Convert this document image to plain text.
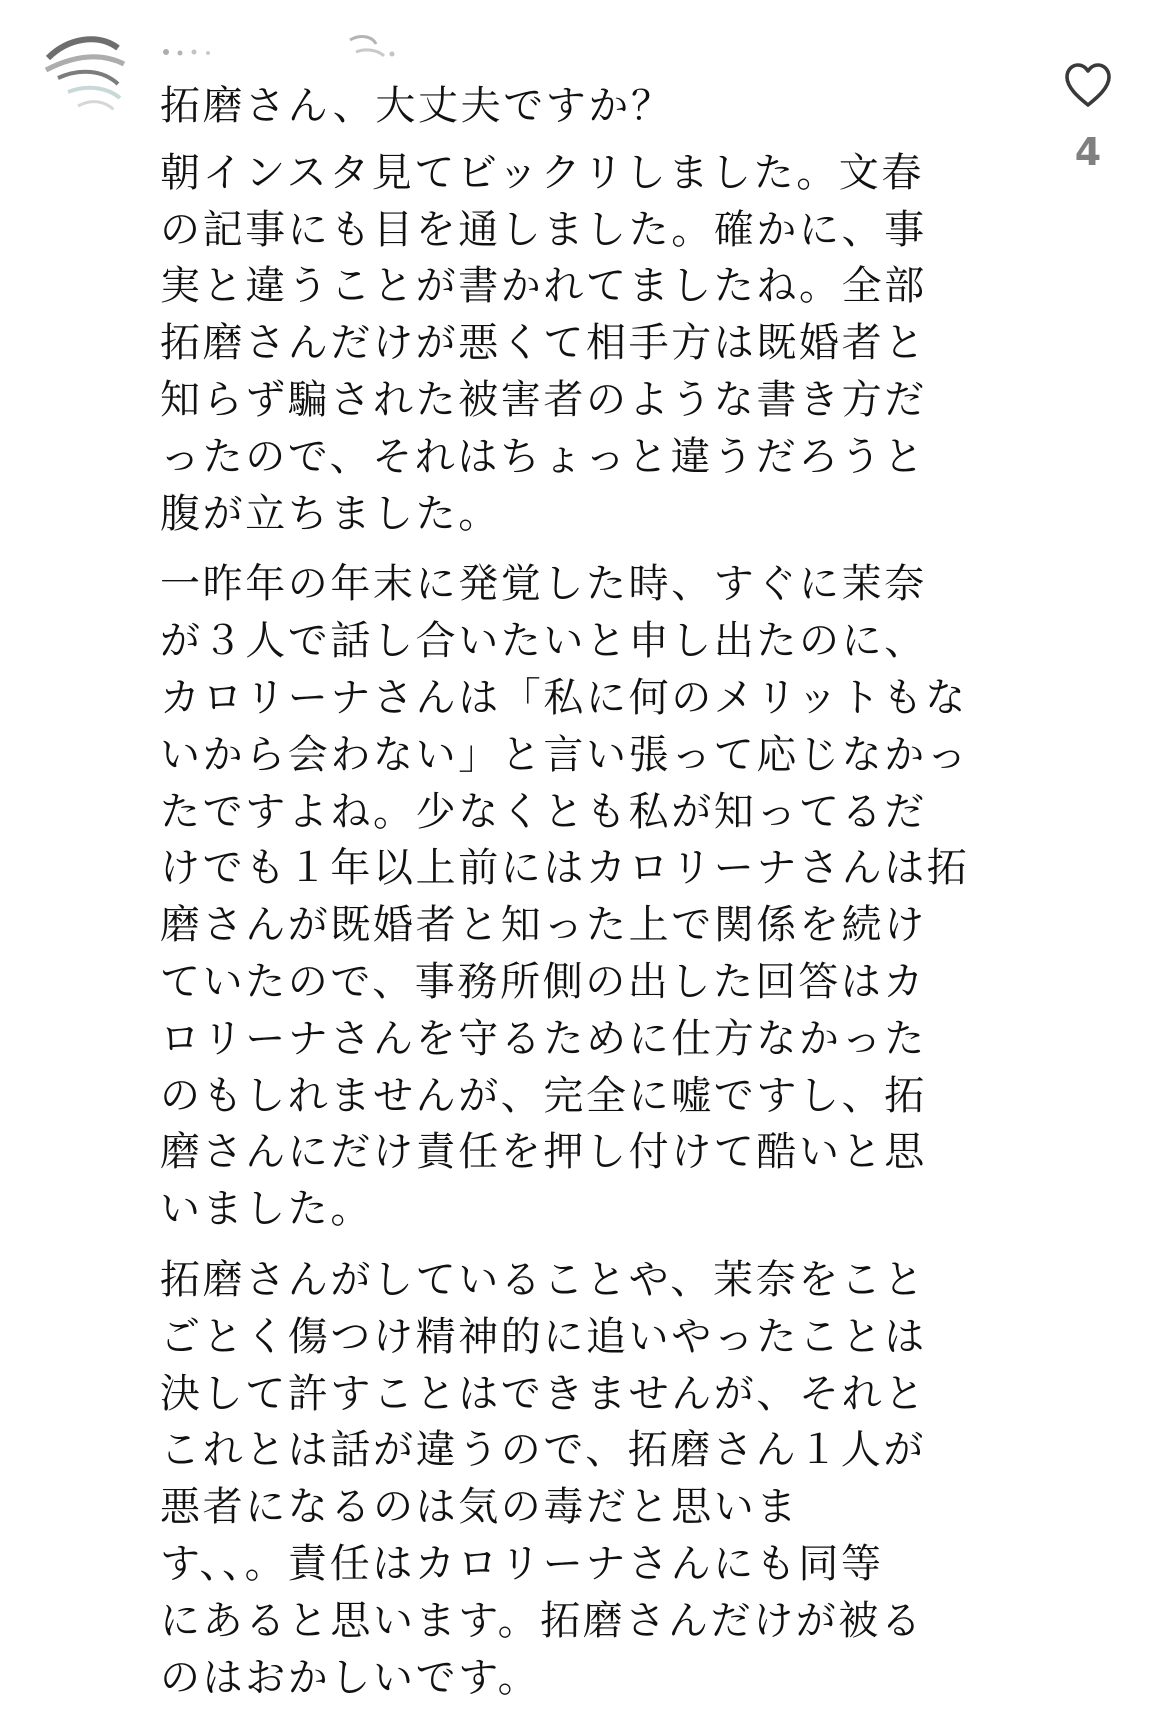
拓磨さん、大丈夫ですか？

朝インスタ見てビックリしました。文春
の記事にも目を通しました。確かに、事
実と違うことが書かれてましたね。全部
拓磨さんだけが悪くて相手方は既婚者と
知らず騙された被害者のような書き方だ
ったので、それはちょっと違うだろうと
腹が立ちました。

一昨年の年末に発覚した時、すぐに茉奈
が３人で話し合いたいと申し出たのに、
カロリーナさんは「私に何のメリットもな
いから会わない」と言い張って応じなかっ
たですよね。少なくとも私が知ってるだ
けでも１年以上前にはカロリーナさんは拓
磨さんが既婚者と知った上で関係を続け
ていたので、事務所側の出した回答はカ
ロリーナさんを守るために仕方なかった
のもしれませんが、完全に嘘ですし、拓
磨さんにだけ責任を押し付けて酷いと思
いました。

拓磨さんがしていることや、茉奈をこと
ごとく傷つけ精神的に追いやったことは
決して許すことはできませんが、それと
これとは話が違うので、拓磨さん１人が
悪者になるのは気の毒だと思いま
す、、。責任はカロリーナさんにも同等
にあると思います。拓磨さんだけが被る
のはおかしいです。

4
